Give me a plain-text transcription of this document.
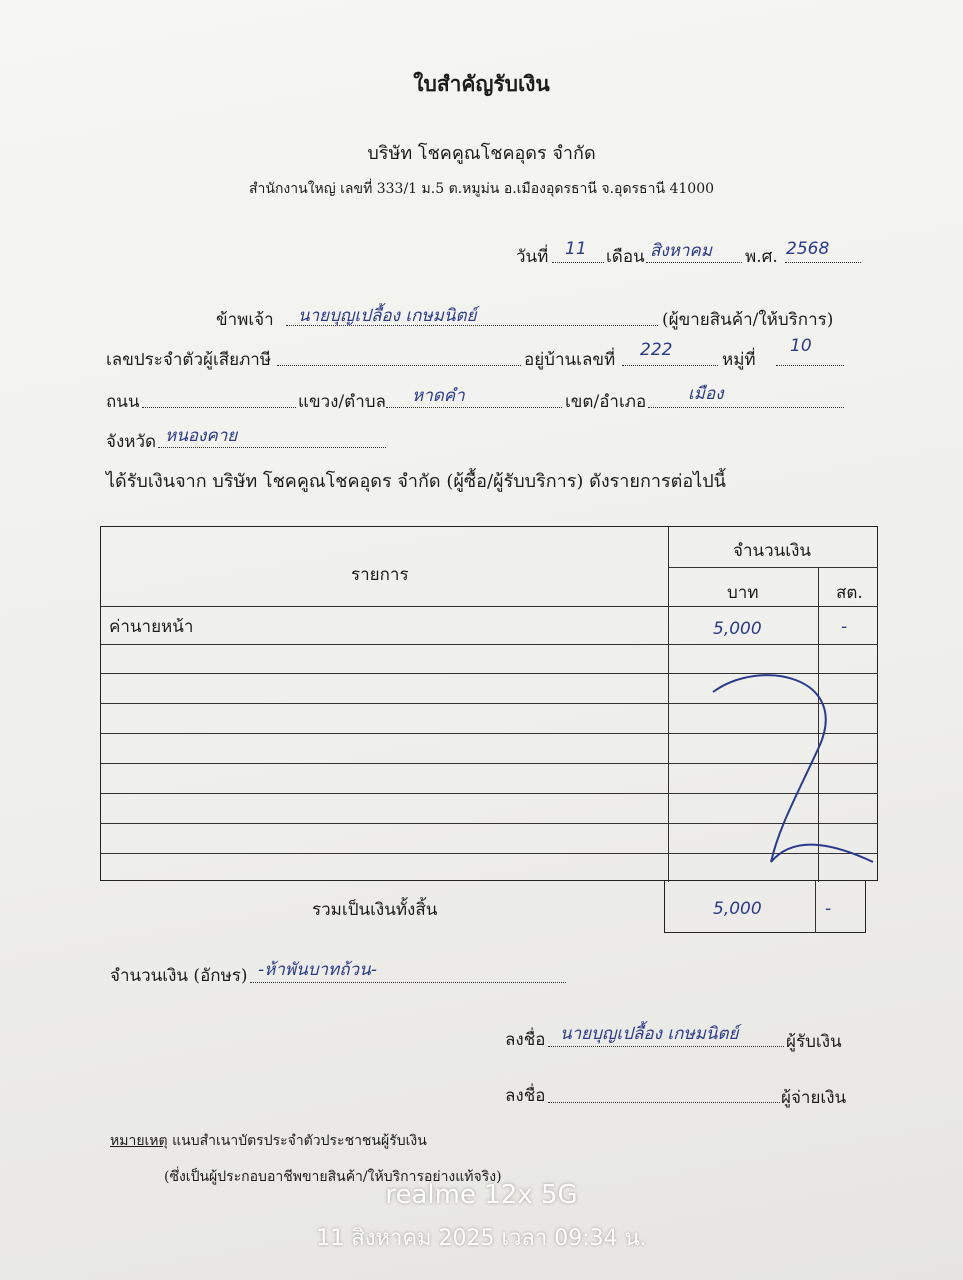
ใบสำคัญรับเงิน
บริษัท โชคคูณโชคอุดร จำกัด
สำนักงานใหญ่ เลขที่ 333/1 ม.5 ต.หมูม่น อ.เมืองอุดรธานี จ.อุดรธานี 41000
วันที่ 11 เดือน สิงหาคม พ.ศ. 2568
ข้าพเจ้า นายบุญเปลื้อง เกษมนิตย์	(ผู้ขายสินค้า/ให้บริการ)
เลขประจำตัวผู้เสียภาษี	อยู่บ้านเลขที่ 222	หมู่ที่
10
ถนน	แขวง/ตำบล หาดคำ	เขต/อำเภอ เมือง
จังหวัด หนองคาย
ได้รับเงินจาก บริษัท โชคคูณโชคอุดร จำกัด (ผู้ซื้อ/ผู้รับบริการ) ดังรายการต่อไปนี้
รายการ
จำนวนเงิน
บาท	สต.
ค่านายหน้า	5,000	-
รวมเป็นเงินทั้งสิ้น	5,000	-
จำนวนเงิน (อักษร) -ห้าพันบาทถ้วน-
ลงชื่อ นายบุญเปลื้อง เกษมนิตย์	ผู้รับเงิน
ลงชื่อ	ผู้จ่ายเงิน
หมายเหตุ แนบสำเนาบัตรประจำตัวประชาชนผู้รับเงิน
(ซึ่งเป็นผู้ประกอบอาชีพขายสินค้า/ให้บริการอย่างแท้จริง)
realme 12x 5G
11 สิงหาคม 2025 เวลา 09:34 น.
